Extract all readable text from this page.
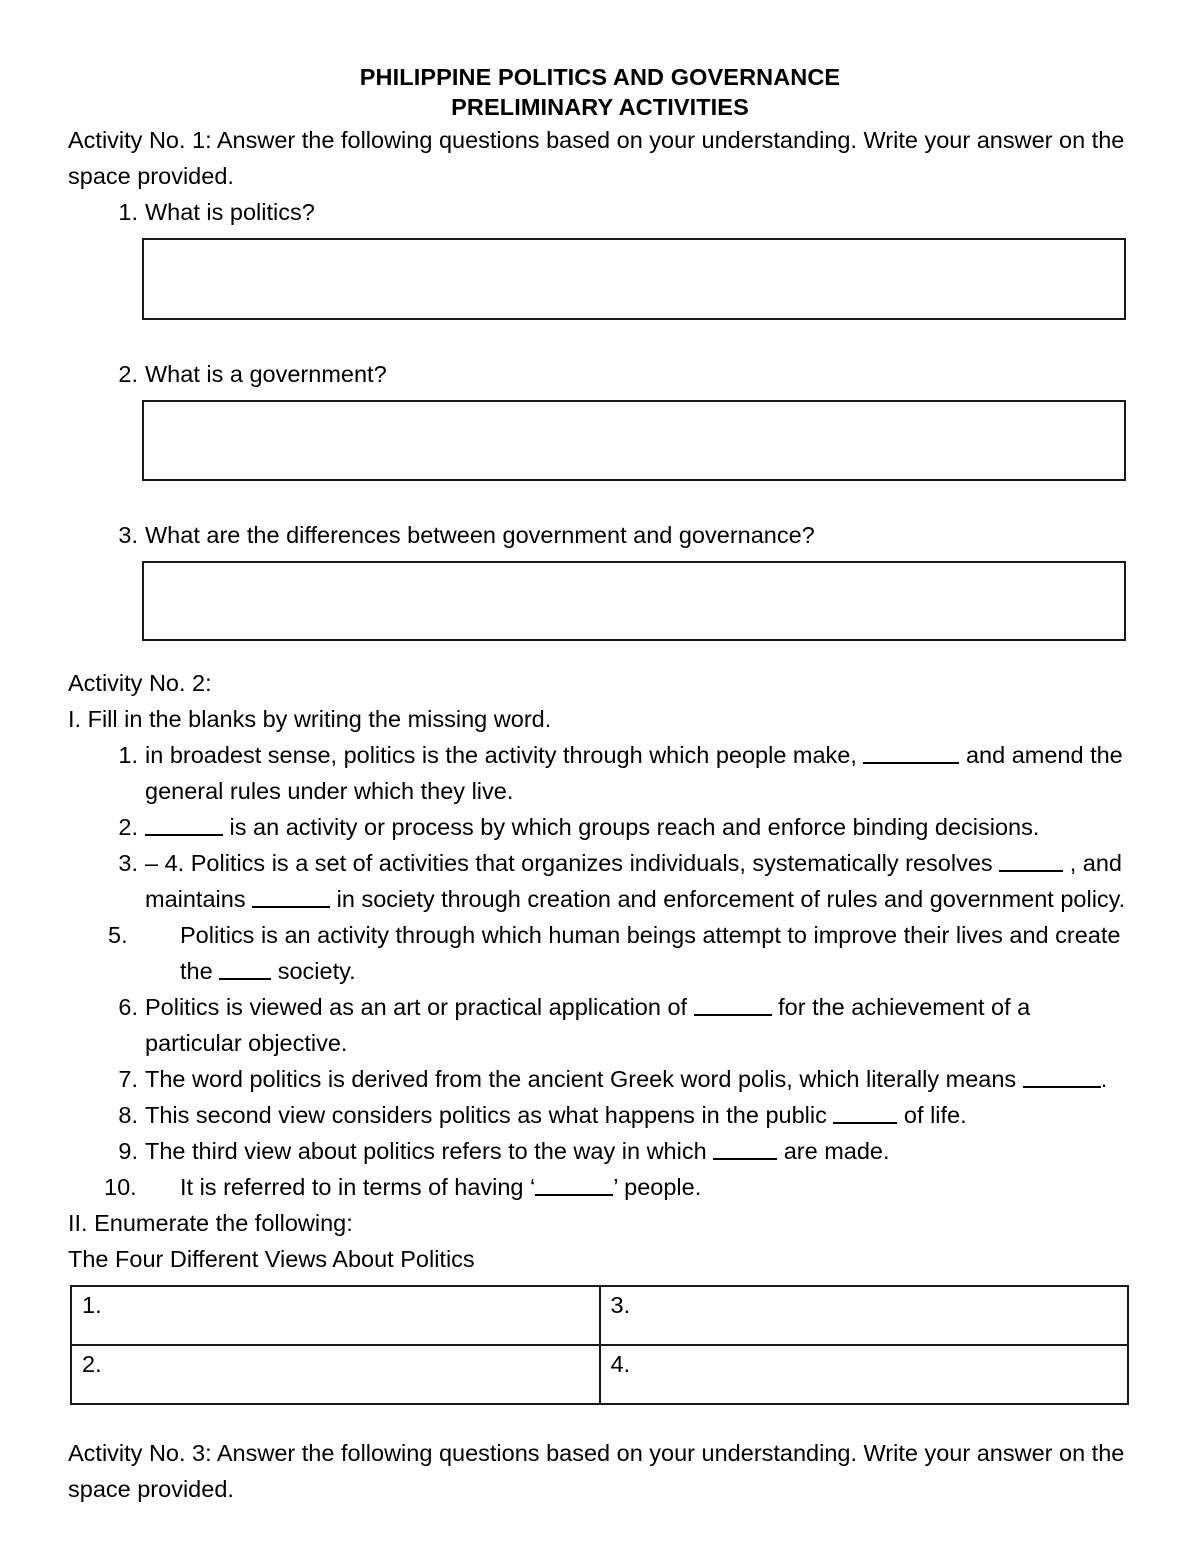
PHILIPPINE POLITICS AND GOVERNANCE
PRELIMINARY ACTIVITIES
Activity No. 1: Answer the following questions based on your understanding. Write your answer on the space provided.
1. What is politics?
2. What is a government?
3. What are the differences between government and governance?
Activity No. 2:
I. Fill in the blanks by writing the missing word.
1. in broadest sense, politics is the activity through which people make,	and amend the general rules under which they live.
2.	is an activity or process by which groups reach and enforce binding decisions.
3. – 4. Politics is a set of activities that organizes individuals, systematically resolves	, and maintains	in society through creation and enforcement of rules and government policy.
5.	Politics is an activity through which human beings attempt to improve their lives and create the  society.
6. Politics is viewed as an art or practical application of	for the achievement of a particular objective.
7. The word politics is derived from the ancient Greek word polis, which literally means	.
8. This second view considers politics as what happens in the public	of life.
9. The third view about politics refers to the way in which	are made.
10.	It is referred to in terms of having ‘	’ people.
II. Enumerate the following:
The Four Different Views About Politics
1.	3.
2.	4.
Activity No. 3: Answer the following questions based on your understanding. Write your answer on the space provided.
